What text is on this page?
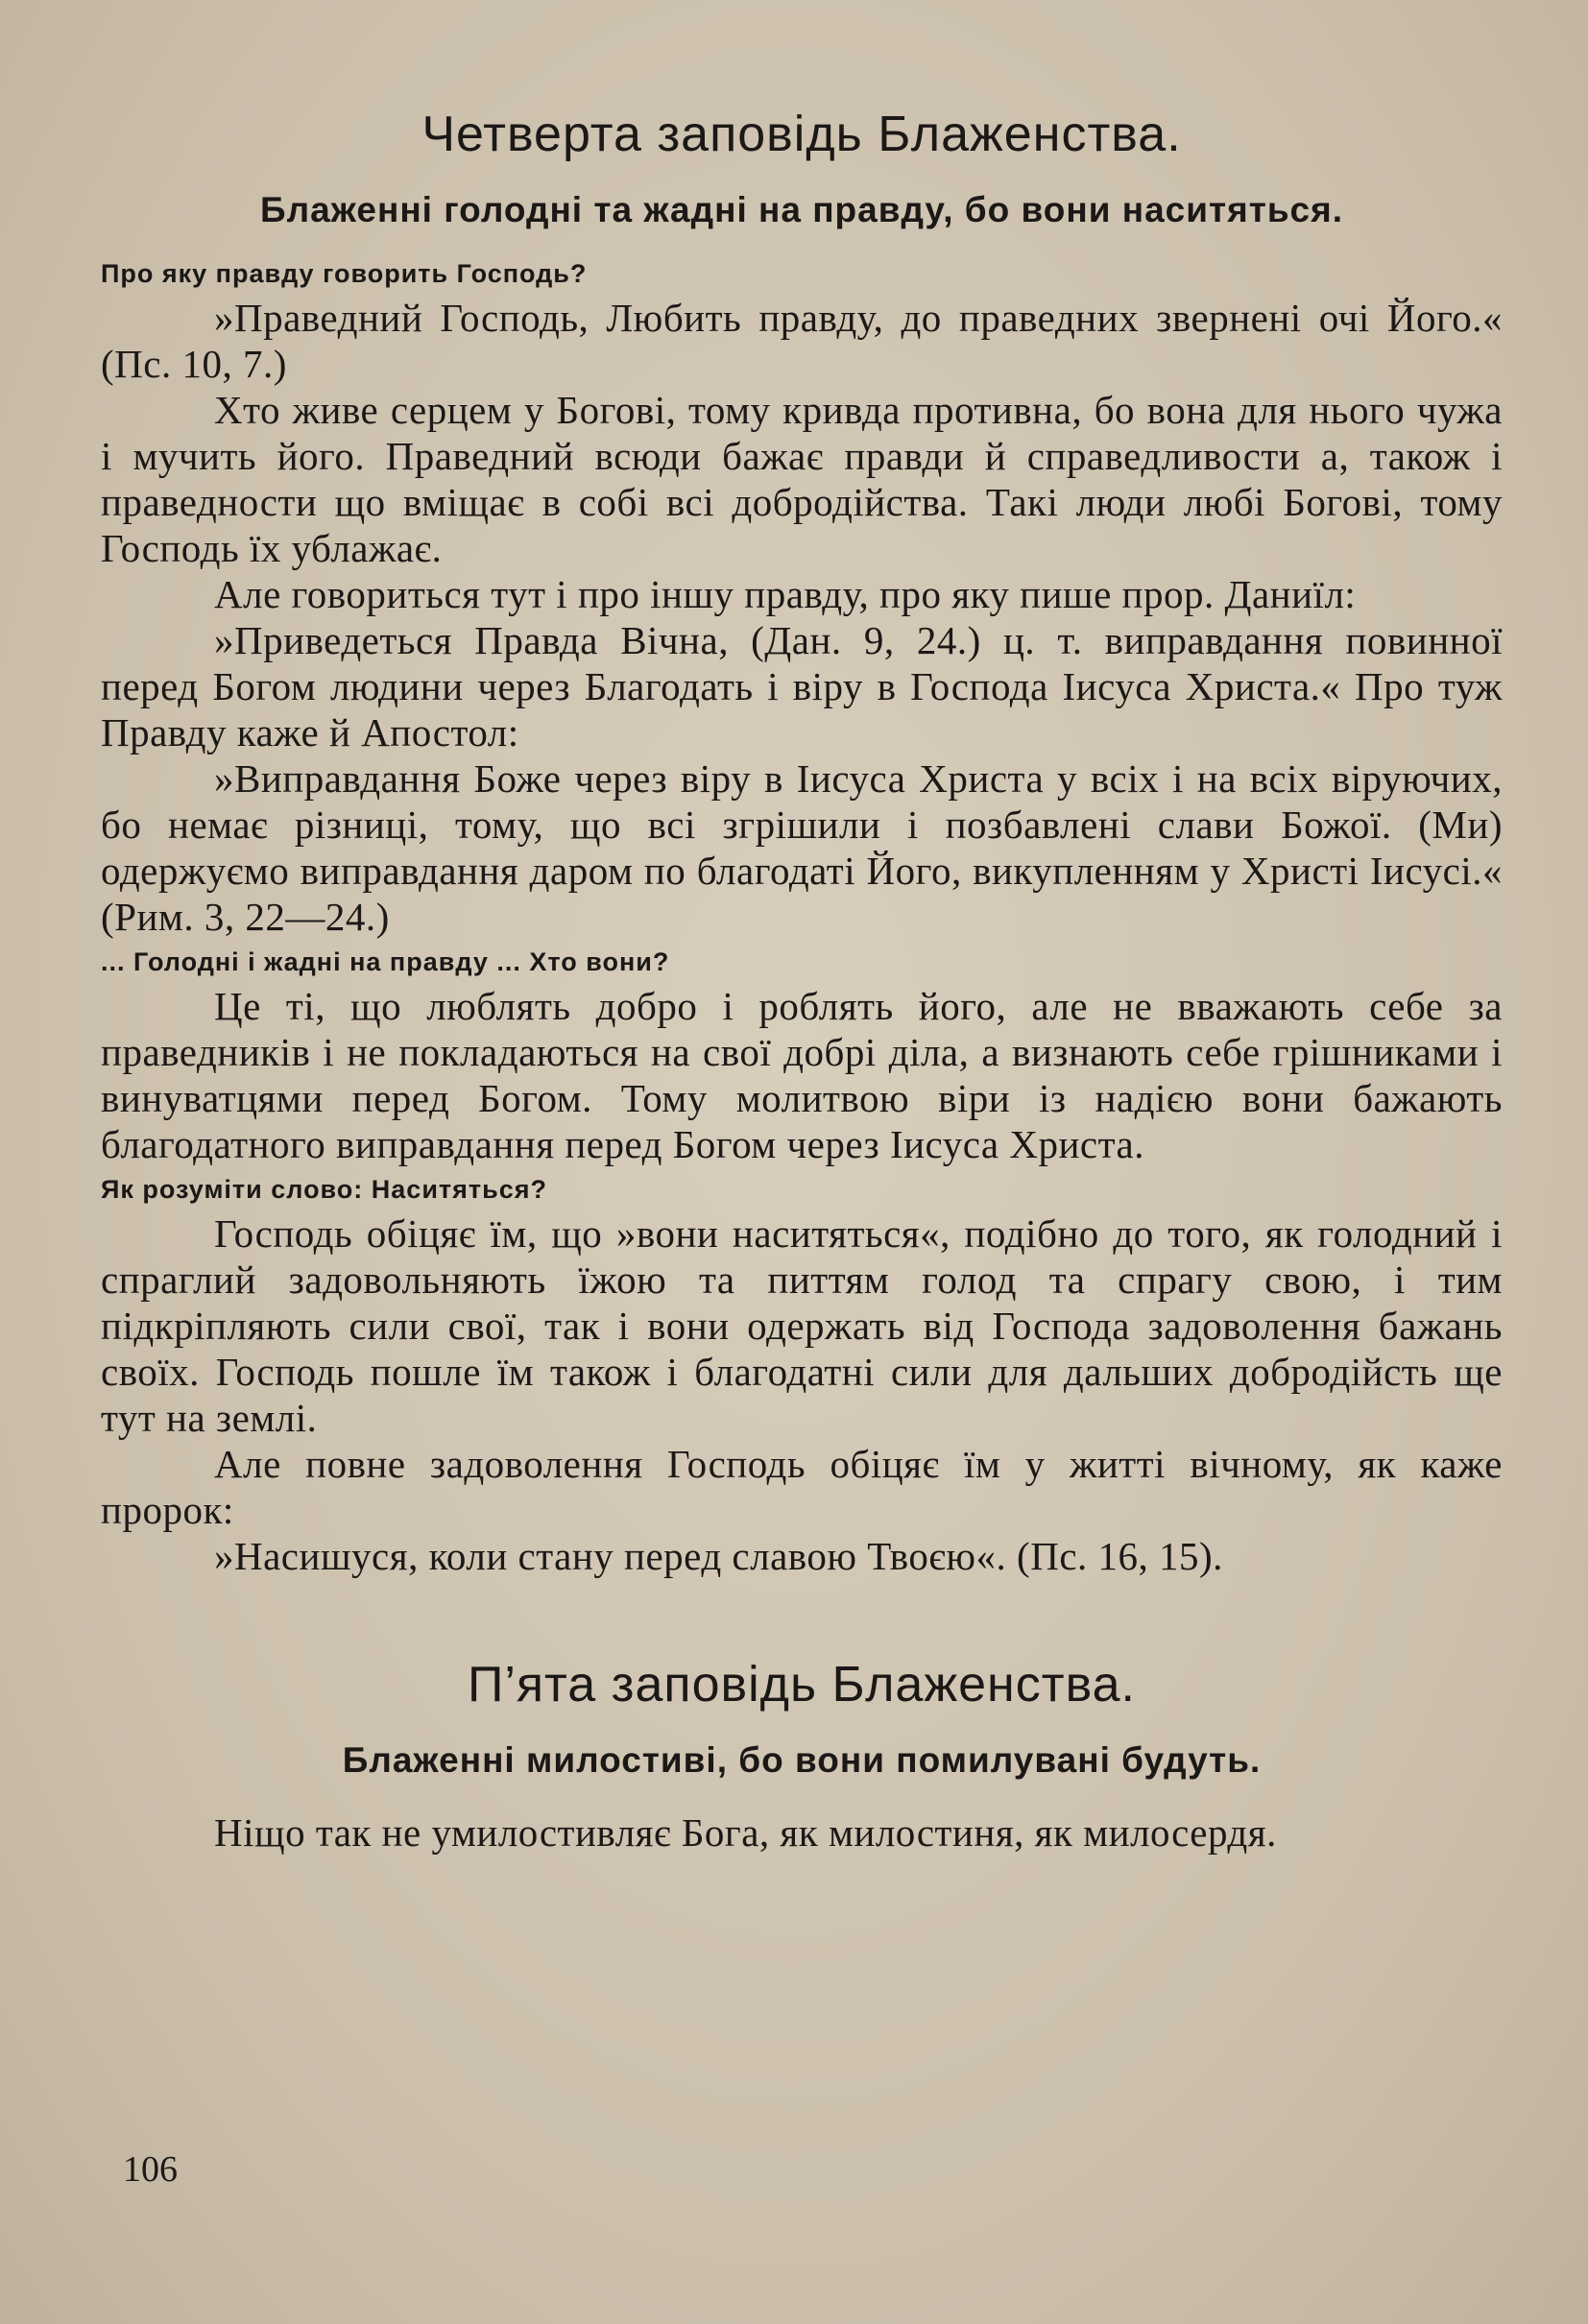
Четверта заповідь Блаженства.
Блаженні голодні та жадні на правду, бо вони наситяться.
Про яку правду говорить Господь?

»Праведний Господь, Любить правду, до праведних звернені очі Його.« (Пс. 10, 7.)

Хто живе серцем у Богові, тому кривда противна, бо вона для нього чужа і мучить його. Праведний всюди бажає правди й справедливости а, також і праведности що вміщає в собі всі добродійства. Такі люди любі Богові, тому Господь їх ублажає.

Але говориться тут і про іншу правду, про яку пише прор. Даниїл:

»Приведеться Правда Вічна, (Дан. 9, 24.) ц. т. виправдання повинної перед Богом людини через Благодать і віру в Господа Іисуса Христа.« Про туж Правду каже й Апостол:

»Виправдання Боже через віру в Іисуса Христа у всіх і на всіх віруючих, бо немає різниці, тому, що всі згрішили і позбавлені слави Божої. (Ми) одержуємо виправдання даром по благодаті Його, викупленням у Христі Іисусі.« (Рим. 3, 22—24.)

... Голодні і жадні на правду ... Хто вони?

Це ті, що люблять добро і роблять його, але не вважають себе за праведників і не покладаються на свої добрі діла, а визнають себе грішниками і винуватцями перед Богом. Тому молитвою віри із надією вони бажають благодатного виправдання перед Богом через Іисуса Христа.

Як розуміти слово: Наситяться?

Господь обіцяє їм, що »вони наситяться«, подібно до того, як голодний і спраглий задовольняють їжою та питтям голод та спрагу свою, і тим підкріпляють сили свої, так і вони одержать від Господа задоволення бажань своїх. Господь пошле їм також і благодатні сили для дальших добродійсть ще тут на землі.

Але повне задоволення Господь обіцяє їм у житті вічному, як каже пророк:

»Насишуся, коли стану перед славою Твоєю«. (Пс. 16, 15).

П’ята заповідь Блаженства.
Блаженні милостиві, бо вони помилувані будуть.

Ніщо так не умилостивляє Бога, як милостиня, як милосердя.

106
